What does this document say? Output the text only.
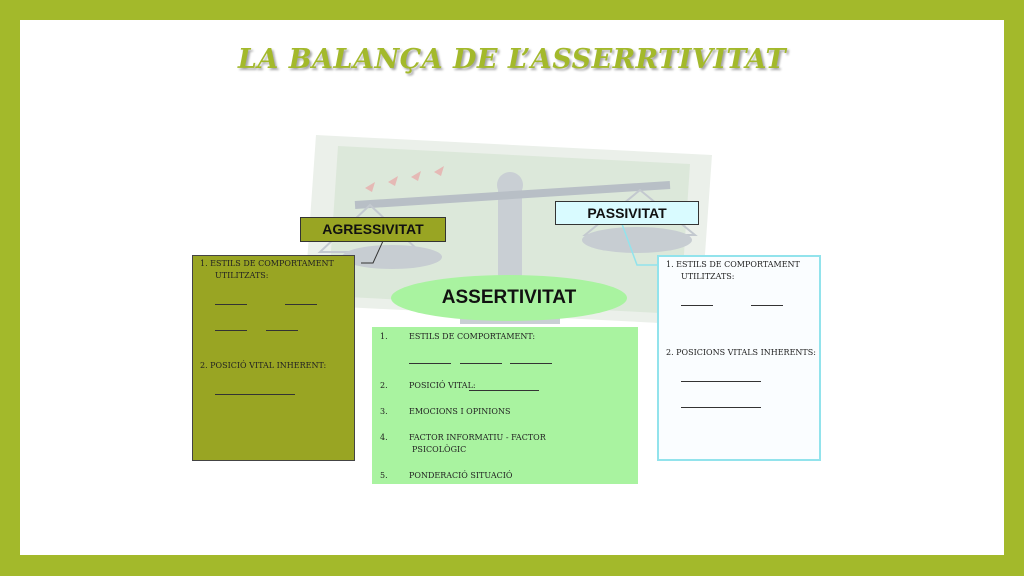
LA BALANÇA DE L’ASSERRTIVITAT
1. ESTILS DE COMPORTAMENT
UTILITZATS:
2. POSICIÓ VITAL INHERENT:
1. ESTILS DE COMPORTAMENT
UTILITZATS:
2. POSICIONS VITALS INHERENTS:
1.	ESTILS DE COMPORTAMENT:
2.	POSICIÓ VITAL:
3.	EMOCIONS I OPINIONS
4.	FACTOR INFORMATIU - FACTOR
PSICOLÒGIC
5.	PONDERACIÓ SITUACIÓ
AGRESSIVITAT
PASSIVITAT
ASSERTIVITAT
